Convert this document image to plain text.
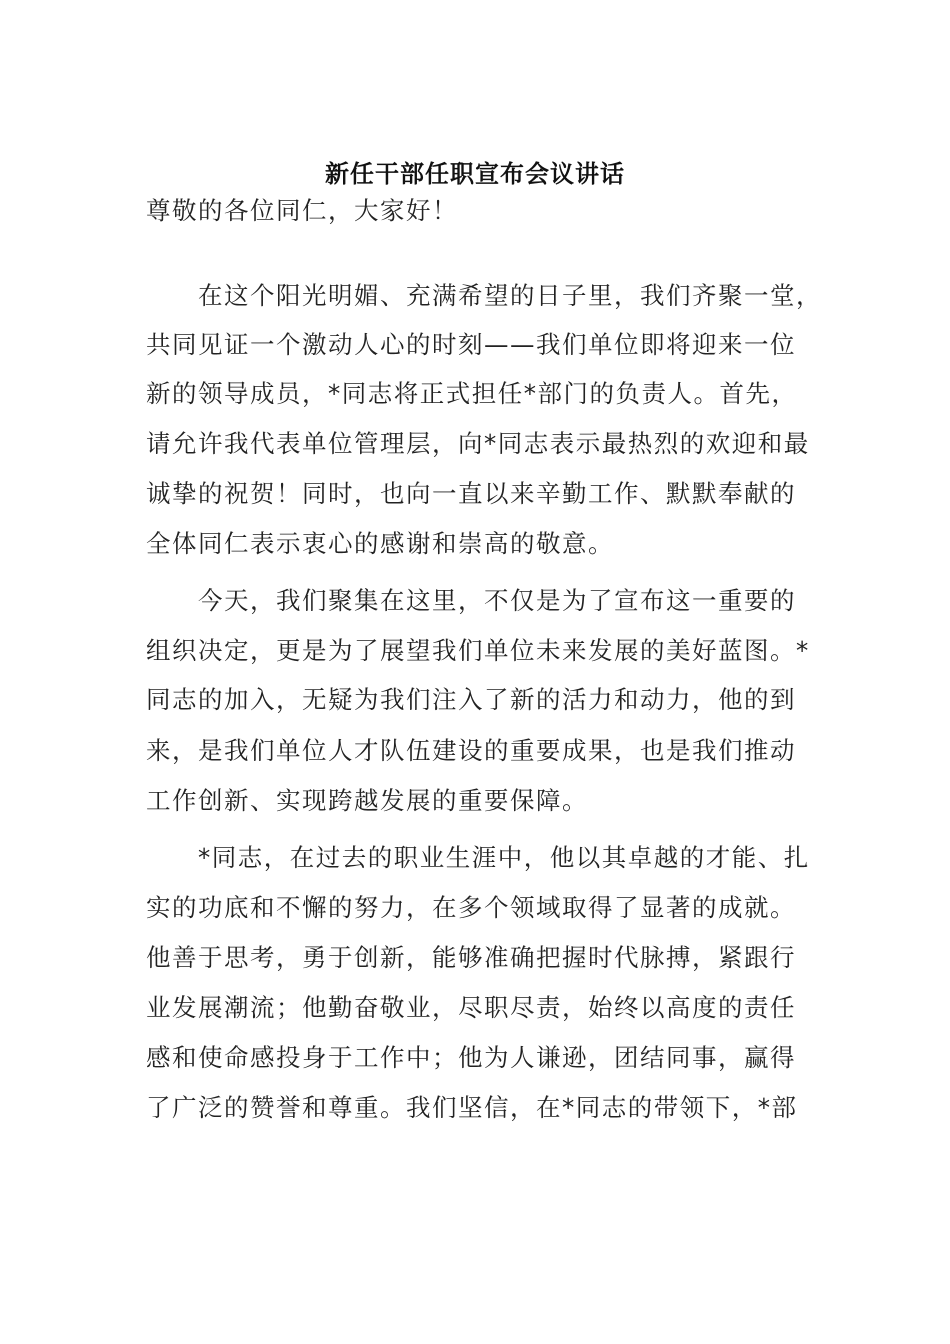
新任干部任职宣布会议讲话
尊敬的各位同仁，大家好！
　　在这个阳光明媚、充满希望的日子里，我们齐聚一堂，
共同见证一个激动人心的时刻——我们单位即将迎来一位
新的领导成员，*同志将正式担任*部门的负责人。首先，
请允许我代表单位管理层，向*同志表示最热烈的欢迎和最
诚挚的祝贺！同时，也向一直以来辛勤工作、默默奉献的
全体同仁表示衷心的感谢和崇高的敬意。
　　今天，我们聚集在这里，不仅是为了宣布这一重要的
组织决定，更是为了展望我们单位未来发展的美好蓝图。*
同志的加入，无疑为我们注入了新的活力和动力，他的到
来，是我们单位人才队伍建设的重要成果，也是我们推动
工作创新、实现跨越发展的重要保障。
　　*同志，在过去的职业生涯中，他以其卓越的才能、扎
实的功底和不懈的努力，在多个领域取得了显著的成就。
他善于思考，勇于创新，能够准确把握时代脉搏，紧跟行
业发展潮流；他勤奋敬业，尽职尽责，始终以高度的责任
感和使命感投身于工作中；他为人谦逊，团结同事，赢得
了广泛的赞誉和尊重。我们坚信，在*同志的带领下，*部
